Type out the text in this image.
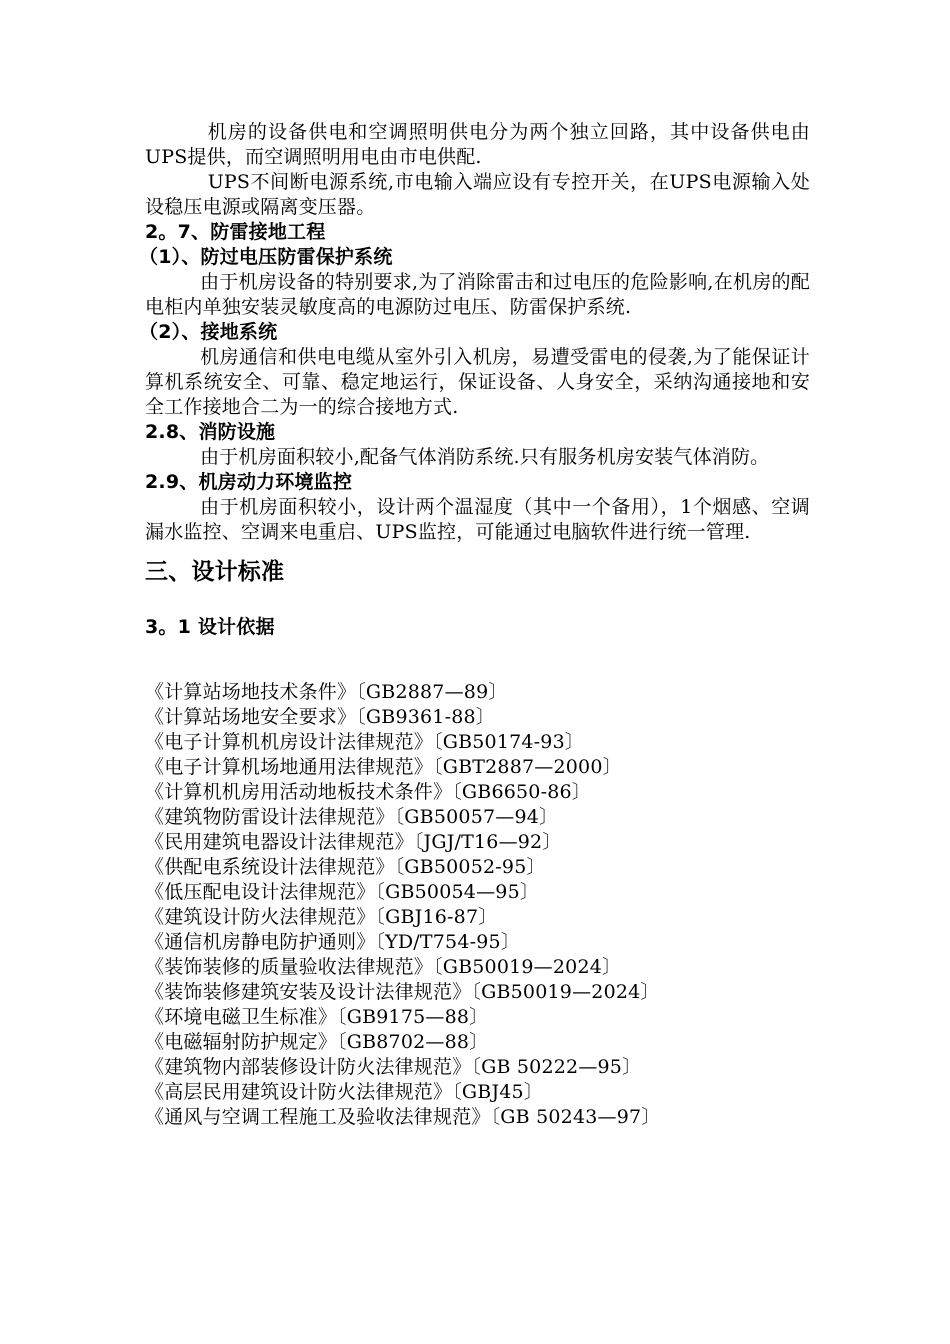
机房的设备供电和空调照明供电分为两个独立回路，其中设备供电由UPS提供，而空调照明用电由市电供配.

UPS不间断电源系统,市电输入端应设有专控开关，在UPS电源输入处设稳压电源或隔离变压器。

2。7、防雷接地工程

（1）、防过电压防雷保护系统

由于机房设备的特别要求,为了消除雷击和过电压的危险影响,在机房的配电柜内单独安装灵敏度高的电源防过电压、防雷保护系统.

（2）、接地系统

机房通信和供电电缆从室外引入机房，易遭受雷电的侵袭,为了能保证计算机系统安全、可靠、稳定地运行，保证设备、人身安全，采纳沟通接地和安全工作接地合二为一的综合接地方式.

2.8、消防设施

由于机房面积较小,配备气体消防系统.只有服务机房安装气体消防。

2.9、机房动力环境监控

由于机房面积较小，设计两个温湿度（其中一个备用），1个烟感、空调漏水监控、空调来电重启、UPS监控，可能通过电脑软件进行统一管理.

三、设计标准

3。1 设计依据

《计算站场地技术条件》〔GB2887—89〕
《计算站场地安全要求》〔GB9361-88〕
《电子计算机机房设计法律规范》〔GB50174-93〕
《电子计算机场地通用法律规范》〔GBT2887—2000〕
《计算机机房用活动地板技术条件》〔GB6650-86〕
《建筑物防雷设计法律规范》〔GB50057—94〕
《民用建筑电器设计法律规范》〔JGJ/T16—92〕
《供配电系统设计法律规范》〔GB50052-95〕
《低压配电设计法律规范》〔GB50054—95〕
《建筑设计防火法律规范》〔GBJ16-87〕
《通信机房静电防护通则》〔YD/T754-95〕
《装饰装修的质量验收法律规范》〔GB50019—2024〕
《装饰装修建筑安装及设计法律规范》〔GB50019—2024〕
《环境电磁卫生标准》〔GB9175—88〕
《电磁辐射防护规定》〔GB8702—88〕
《建筑物内部装修设计防火法律规范》〔GB 50222—95〕
《高层民用建筑设计防火法律规范》〔GBJ45〕
《通风与空调工程施工及验收法律规范》〔GB 50243—97〕
